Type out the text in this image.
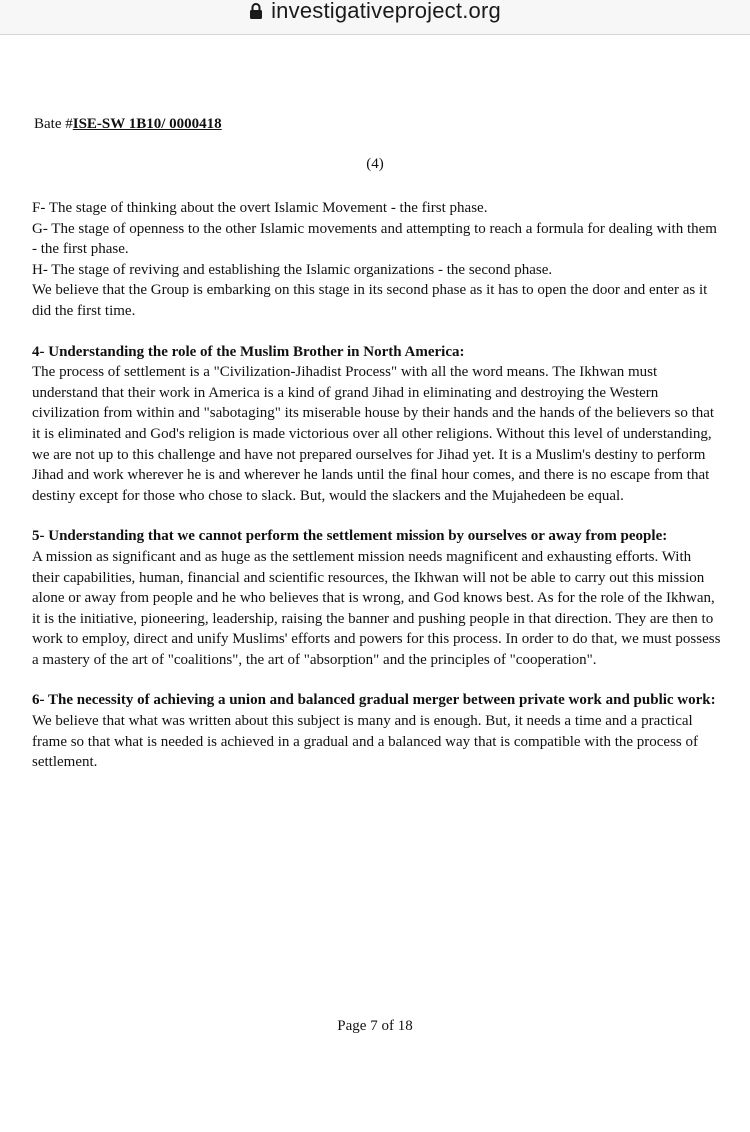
investigativeproject.org
Bate #ISE-SW 1B10/ 0000418
(4)

F- The stage of thinking about the overt Islamic Movement - the first phase.

G- The stage of openness to the other Islamic movements and attempting to reach a formula for dealing with them - the first phase.

H- The stage of reviving and establishing the Islamic organizations - the second phase.

We believe that the Group is embarking on this stage in its second phase as it has to open the door and enter as it did the first time.

4- Understanding the role of the Muslim Brother in North America:

The process of settlement is a "Civilization-Jihadist Process" with all the word means. The Ikhwan must understand that their work in America is a kind of grand Jihad in eliminating and destroying the Western civilization from within and "sabotaging" its miserable house by their hands and the hands of the believers so that it is eliminated and God's religion is made victorious over all other religions. Without this level of understanding, we are not up to this challenge and have not prepared ourselves for Jihad yet. It is a Muslim's destiny to perform Jihad and work wherever he is and wherever he lands until the final hour comes, and there is no escape from that destiny except for those who chose to slack. But, would the slackers and the Mujahedeen be equal.

5- Understanding that we cannot perform the settlement mission by ourselves or away from people:

A mission as significant and as huge as the settlement mission needs magnificent and exhausting efforts. With their capabilities, human, financial and scientific resources, the Ikhwan will not be able to carry out this mission alone or away from people and he who believes that is wrong, and God knows best. As for the role of the Ikhwan, it is the initiative, pioneering, leadership, raising the banner and pushing people in that direction. They are then to work to employ, direct and unify Muslims' efforts and powers for this process. In order to do that, we must possess a mastery of the art of "coalitions", the art of "absorption" and the principles of "cooperation".

6- The necessity of achieving a union and balanced gradual merger between private work and public work:

We believe that what was written about this subject is many and is enough. But, it needs a time and a practical frame so that what is needed is achieved in a gradual and a balanced way that is compatible with the process of settlement.

Page 7 of 18
